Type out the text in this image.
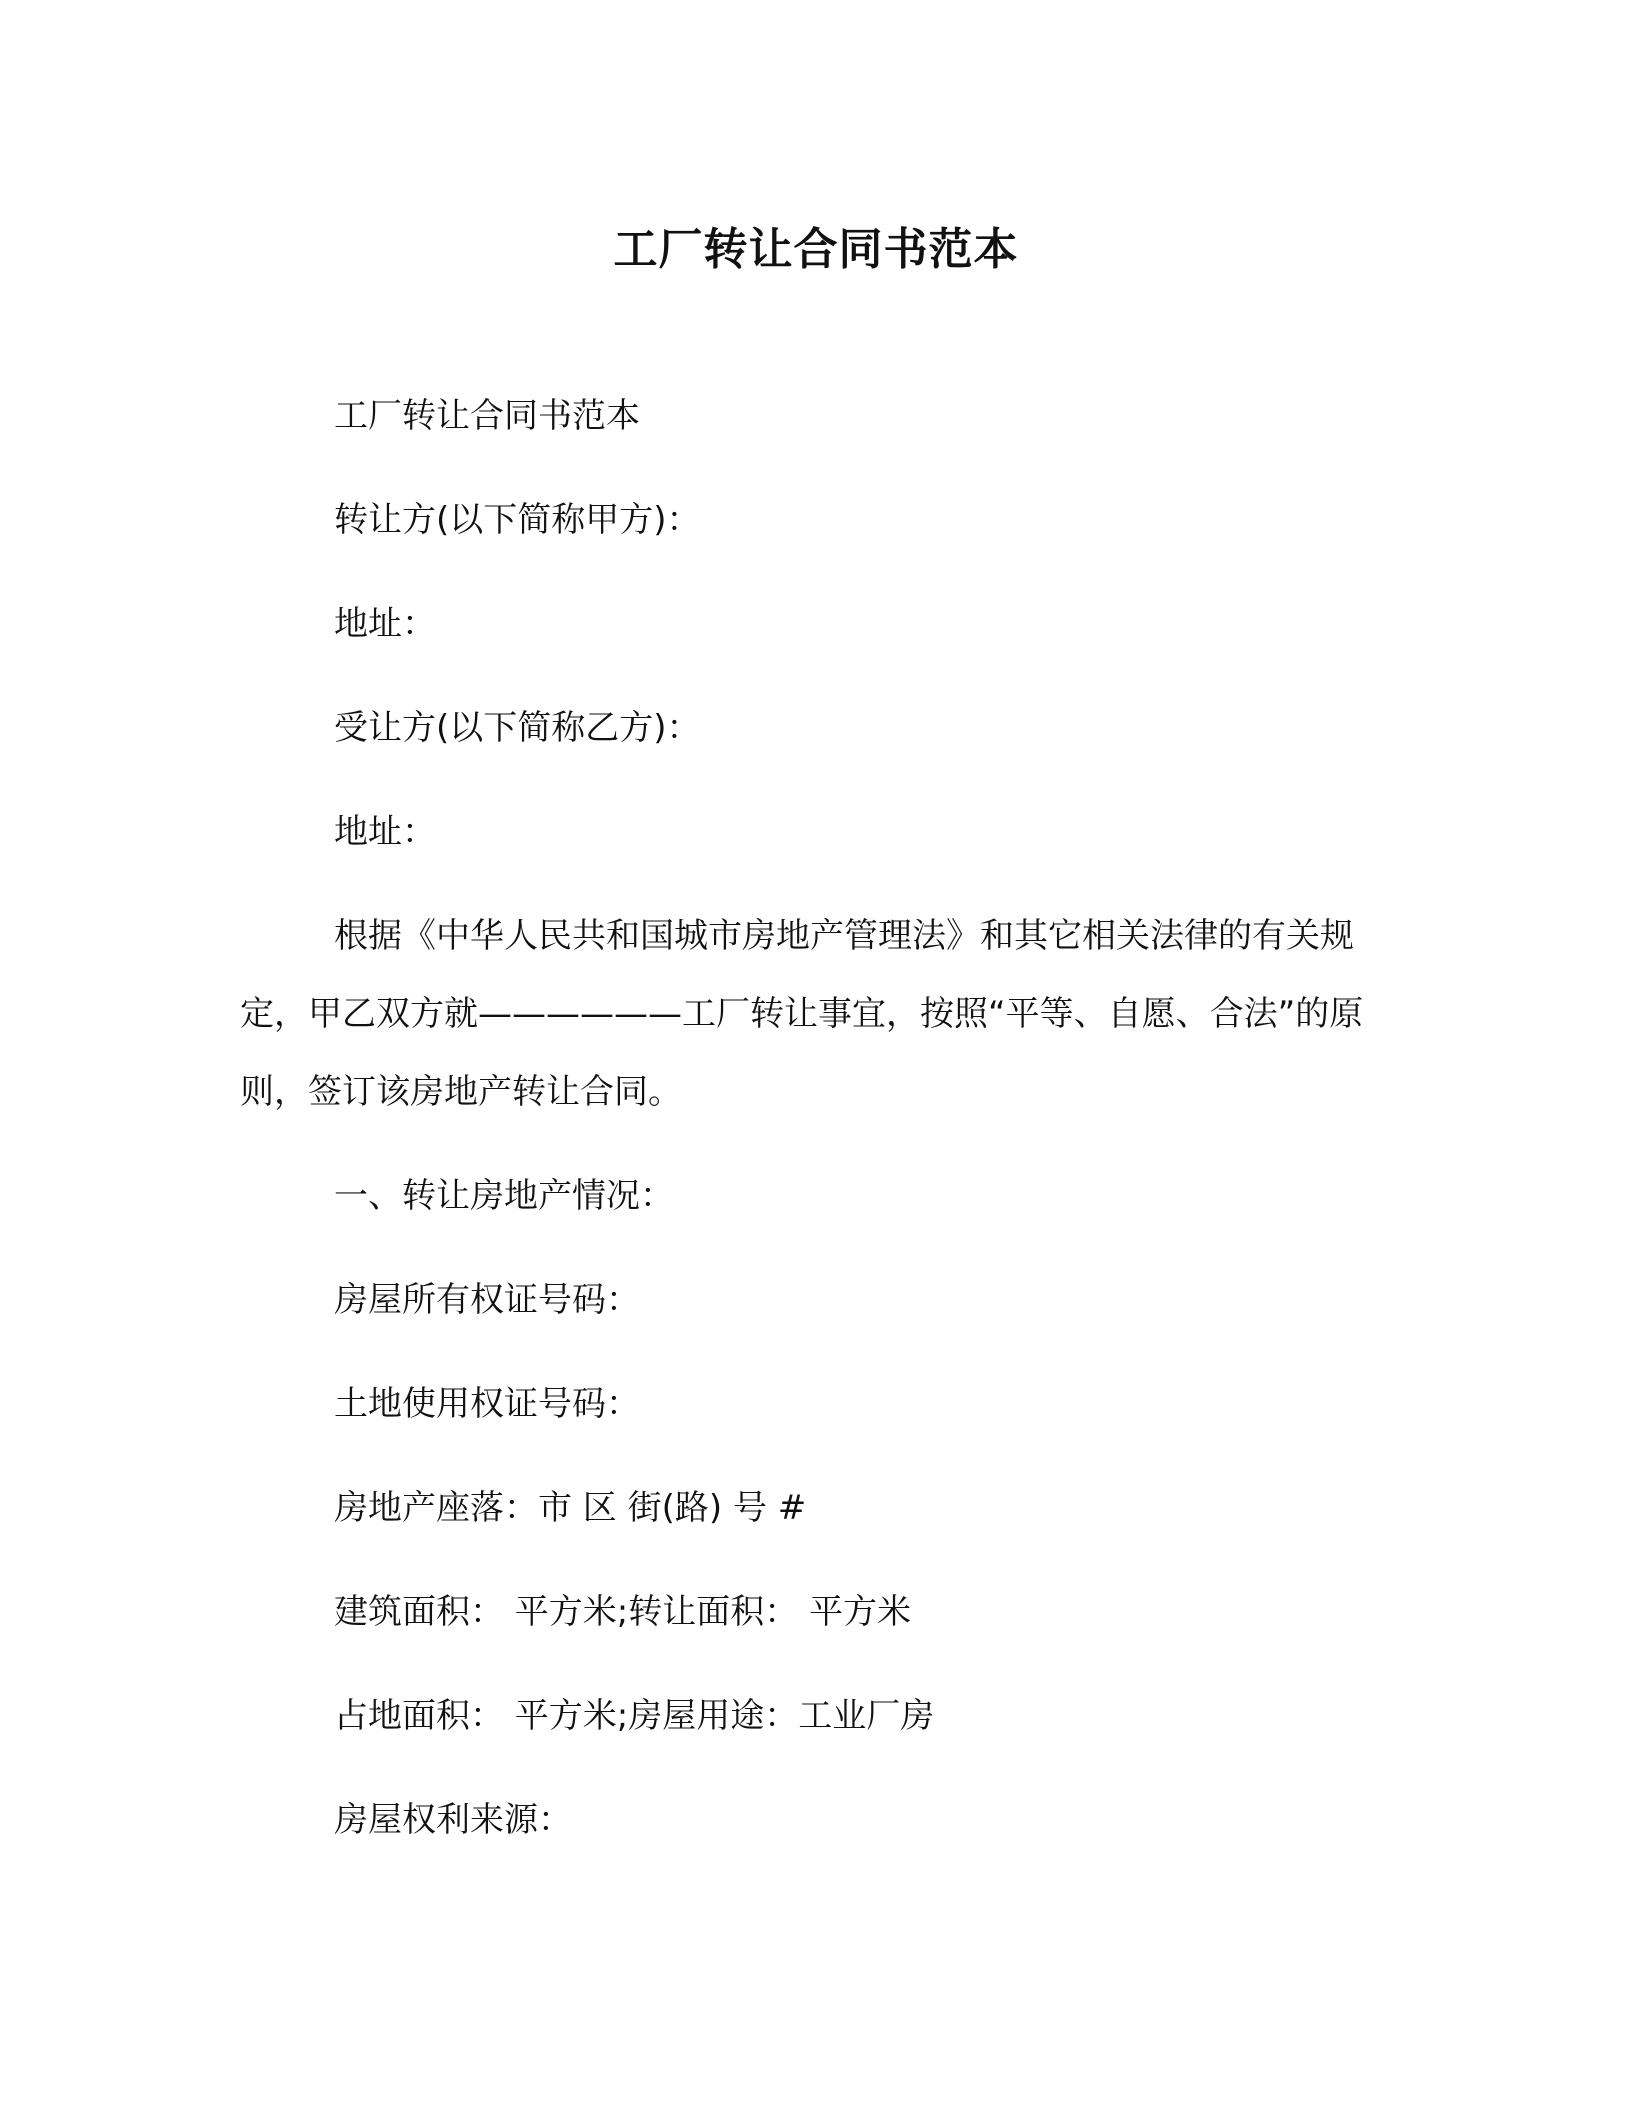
工厂转让合同书范本

工厂转让合同书范本

转让方(以下简称甲方)：

地址：

受让方(以下简称乙方)：

地址：

根据《中华人民共和国城市房地产管理法》和其它相关法律的有关规定，甲乙双方就——————工厂转让事宜，按照“平等、自愿、合法”的原则，签订该房地产转让合同。

一、转让房地产情况：

房屋所有权证号码：

土地使用权证号码：

房地产座落：市 区 街(路) 号 #

建筑面积： 平方米;转让面积： 平方米

占地面积： 平方米;房屋用途：工业厂房

房屋权利来源：
